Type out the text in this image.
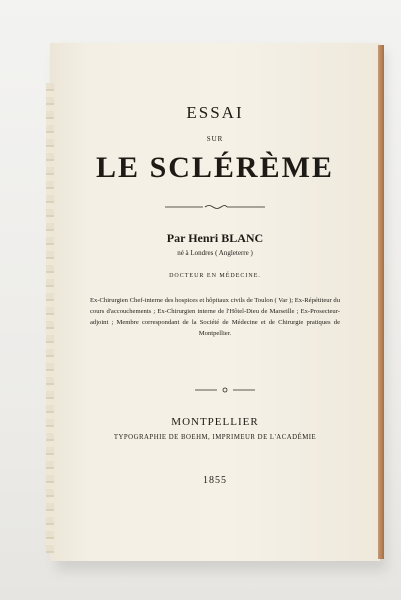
ESSAI
SUR
LE SCLÉRÈME
Par Henri BLANC
né à Londres ( Angleterre )
DOCTEUR EN MÉDECINE.
Ex-Chirurgien Chef-interne des hospices et hôpitaux civils de Toulon ( Var ); Ex-Répétiteur du cours d'accouchements ; Ex-Chirurgien interne de l'Hôtel-Dieu de Marseille ; Ex-Prosecteur-adjoint ; Membre correspondant de la Société de Médecine et de Chirurgie pratiques de Montpellier.
MONTPELLIER
TYPOGRAPHIE DE BOEHM, IMPRIMEUR DE L'ACADÉMIE
1855
